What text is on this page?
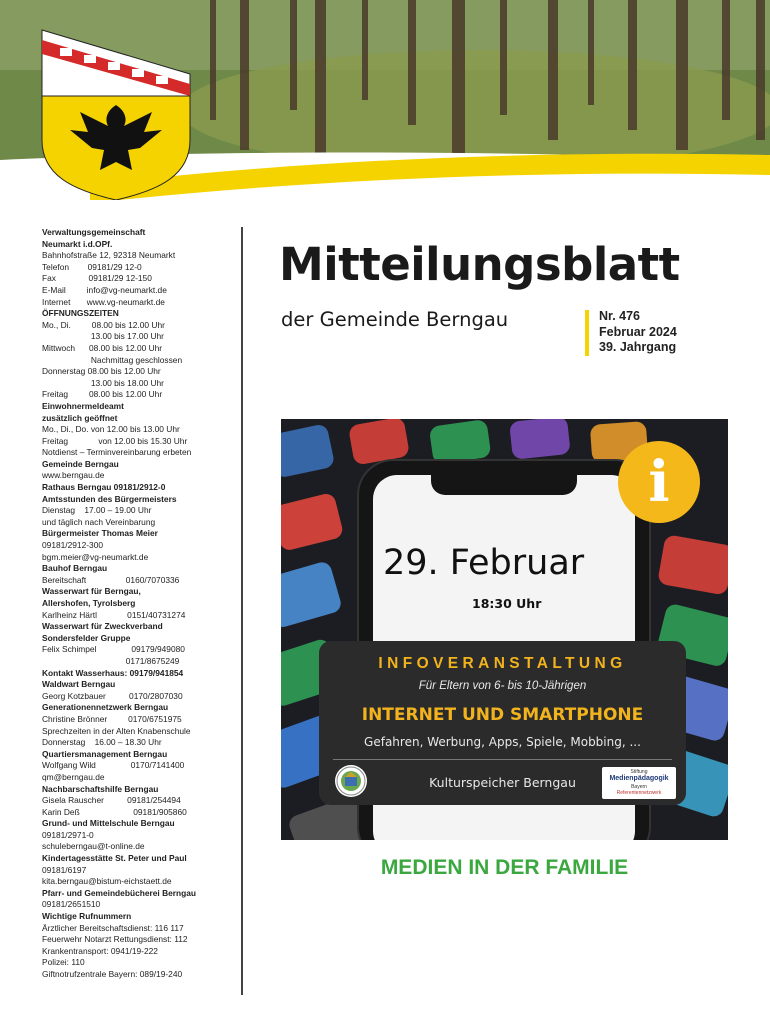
Verwaltungsgemeinschaft
Neumarkt i.d.OPf.
Bahnhofstraße 12, 92318 Neumarkt
Telefon        09181/29 12-0
Fax              09181/29 12-150
E-Mail         info@vg-neumarkt.de
Internet       www.vg-neumarkt.de
ÖFFNUNGSZEITEN
Mo., Di.         08.00 bis 12.00 Uhr
13.00 bis 17.00 Uhr
Mittwoch      08.00 bis 12.00 Uhr
Nachmittag geschlossen
Donnerstag 08.00 bis 12.00 Uhr
13.00 bis 18.00 Uhr
Freitag         08.00 bis 12.00 Uhr
Einwohnermeldeamt
zusätzlich geöffnet
Mo., Di., Do. von 12.00 bis 13.00 Uhr
Freitag             von 12.00 bis 15.30 Uhr
Notdienst – Terminvereinbarung erbeten
Gemeinde Berngau
www.berngau.de
Rathaus Berngau 09181/2912-0
Amtsstunden des Bürgermeisters
Dienstag    17.00 – 19.00 Uhr
und täglich nach Vereinbarung
Bürgermeister Thomas Meier
09181/2912-300
bgm.meier@vg-neumarkt.de
Bauhof Berngau
Bereitschaft                 0160/7070336
Wasserwart für Berngau,
Allershofen, Tyrolsberg
Karlheinz Härtl             0151/40731274
Wasserwart für Zweckverband
Sondersfelder Gruppe
Felix Schimpel               09179/949080
0171/8675249
Kontakt Wasserhaus: 09179/941854
Waldwart Berngau
Georg Kotzbauer          0170/2807030
Generationennetzwerk Berngau
Christine Brönner         0170/6751975
Sprechzeiten in der Alten Knabenschule
Donnerstag    16.00 – 18.30 Uhr
Quartiersmanagement Berngau
Wolfgang Wild               0170/7141400
qm@berngau.de
Nachbarschaftshilfe Berngau
Gisela Rauscher          09181/254494
Karin Deß                       09181/905860
Grund- und Mittelschule Berngau
09181/2971-0
schuleberngau@t-online.de
Kindertagesstätte St. Peter und Paul
09181/6197
kita.berngau@bistum-eichstaett.de
Pfarr- und Gemeindebücherei Berngau
09181/2651510
Wichtige Rufnummern
Ärztlicher Bereitschaftsdienst: 116 117
Feuerwehr Notarzt Rettungsdienst: 112
Krankentransport: 0941/19-222
Polizei: 110
Giftnotrufzentrale Bayern: 089/19-240
Mitteilungsblatt
der Gemeinde Berngau	Nr. 476
Februar 2024
39. Jahrgang
i
29. Februar
18:30 Uhr
INFOVERANSTALTUNG
Für Eltern von 6- bis 10-Jährigen
INTERNET UND SMARTPHONE
Gefahren, Werbung, Apps, Spiele, Mobbing, ...
Kulturspeicher Berngau
Stiftung
Medienpädagogik
Bayern
Referentennetzwerk
MEDIEN IN DER FAMILIE
